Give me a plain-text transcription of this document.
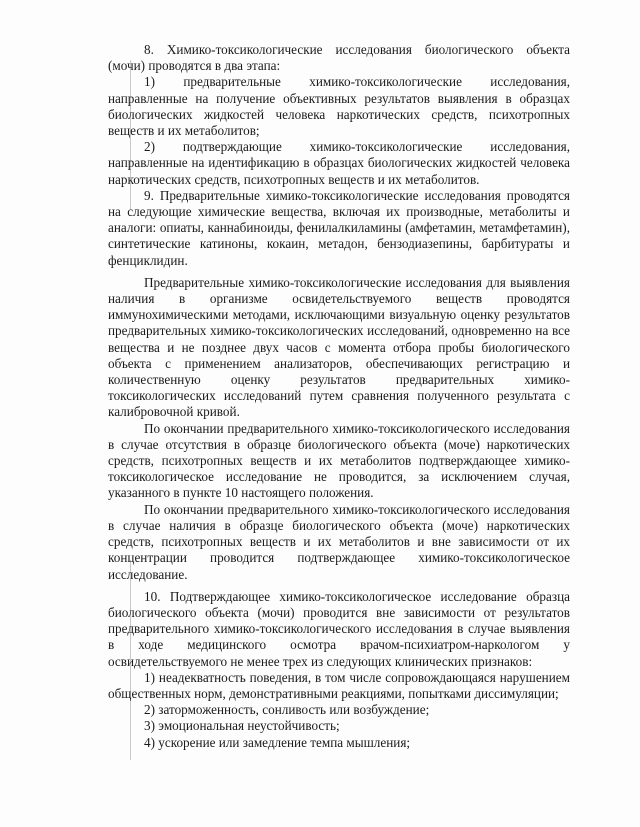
8. Химико-токсикологические исследования биологического объекта (мочи) проводятся в два этапа:

1) предварительные химико-токсикологические исследования, направленные на получение объективных результатов выявления в образцах биологических жидкостей человека наркотических средств, психотропных веществ и их метаболитов;

2) подтверждающие химико-токсикологические исследования, направленные на идентификацию в образцах биологических жидкостей человека наркотических средств, психотропных веществ и их метаболитов.

9. Предварительные химико-токсикологические исследования проводятся на следующие химические вещества, включая их производные, метаболиты и аналоги: опиаты, каннабиноиды, фенилалкиламины (амфетамин, метамфетамин), синтетические катиноны, кокаин, метадон, бензодиазепины, барбитураты и фенциклидин.

Предварительные химико-токсикологические исследования для выявления наличия в организме освидетельствуемого веществ проводятся иммунохимическими методами, исключающими визуальную оценку результатов предварительных химико-токсикологических исследований, одновременно на все вещества и не позднее двух часов с момента отбора пробы биологического объекта с применением анализаторов, обеспечивающих регистрацию и количественную оценку результатов предварительных химико-токсикологических исследований путем сравнения полученного результата с калибровочной кривой.

По окончании предварительного химико-токсикологического исследования в случае отсутствия в образце биологического объекта (моче) наркотических средств, психотропных веществ и их метаболитов подтверждающее химико-токсикологическое исследование не проводится, за исключением случая, указанного в пункте 10 настоящего положения.

По окончании предварительного химико-токсикологического исследования в случае наличия в образце биологического объекта (моче) наркотических средств, психотропных веществ и их метаболитов и вне зависимости от их концентрации проводится подтверждающее химико-токсикологическое исследование.

10. Подтверждающее химико-токсикологическое исследование образца биологического объекта (мочи) проводится вне зависимости от результатов предварительного химико-токсикологического исследования в случае выявления в ходе медицинского осмотра врачом-психиатром-наркологом у освидетельствуемого не менее трех из следующих клинических признаков:

1) неадекватность поведения, в том числе сопровождающаяся нарушением общественных норм, демонстративными реакциями, попытками диссимуляции;

2) заторможенность, сонливость или возбуждение;

3) эмоциональная неустойчивость;

4) ускорение или замедление темпа мышления;
